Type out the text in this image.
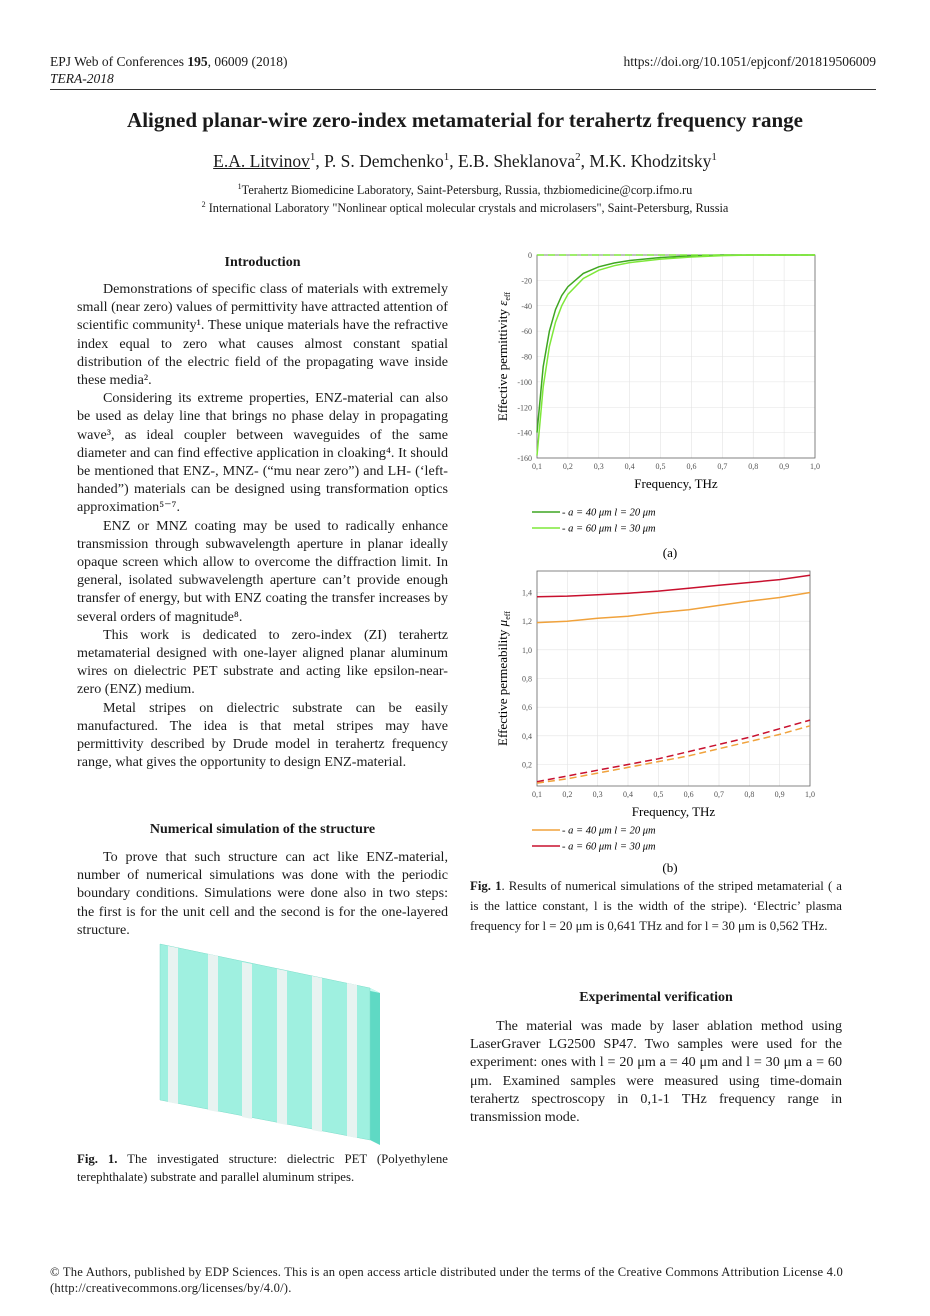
EPJ Web of Conferences 195, 06009 (2018)	https://doi.org/10.1051/epjconf/201819506009
TERA-2018
Aligned planar-wire zero-index metamaterial for terahertz frequency range
E.A. Litvinov$^1$, P. S. Demchenko$^1$, E.B. Sheklanova$^2$, M.K. Khodzitsky$^1$
$^1$Terahertz Biomedicine Laboratory, Saint-Petersburg, Russia, thzbiomedicine@corp.ifmo.ru
$^2$ International Laboratory "Nonlinear optical molecular crystals and microlasers", Saint-Petersburg, Russia
Introduction

Demonstrations of specific class of materials with extremely small (near zero) values of permittivity have attracted attention of scientific community¹. These unique materials have the refractive index equal to zero what causes almost constant spatial distribution of the electric field of the propagating wave inside these media².

Considering its extreme properties, ENZ-material can also be used as delay line that brings no phase delay in propagating wave³, as ideal coupler between waveguides of the same diameter and can find effective application in cloaking⁴. It should be mentioned that ENZ-, MNZ- (“mu near zero”) and LH- (‘left-handed”) materials can be designed using transformation optics approximation⁵⁻⁷.

ENZ or MNZ coating may be used to radically enhance transmission through subwavelength aperture in planar ideally opaque screen which allow to overcome the diffraction limit. In general, isolated subwavelength aperture can’t provide enough transfer of energy, but with ENZ coating the transfer increases by several orders of magnitude⁸.

This work is dedicated to zero-index (ZI) terahertz metamaterial designed with one-layer aligned planar aluminum wires on dielectric PET substrate and acting like epsilon-near-zero (ENZ) medium.

Metal stripes on dielectric substrate can be easily manufactured. The idea is that metal stripes may have permittivity described by Drude model in terahertz frequency range, what gives the opportunity to design ENZ-material.

Numerical simulation of the structure

To prove that such structure can act like ENZ-material, number of numerical simulations was done with the periodic boundary conditions. Simulations were done also in two steps: the first is for the unit cell and the second is for the one-layered structure.

Fig. 1. The investigated structure: dielectric PET (Polyethylene terephthalate) substrate and parallel aluminum stripes.
0,1	0,2	0,3	0,4	0,5	0,6	0,7	0,8	0,9	1,0
0
-20
-40
-60
-80
-100
-120
-140
-160
Frequency, THz
Effective permittivity $\varepsilon_{eff}$
- a = 40 μm l = 20 μm
- a = 60 μm l = 30 μm
(a)
0,1	0,2	0,3	0,4	0,5	0,6	0,7	0,8	0,9	1,0
1,4
1,2
1,0
0,8
0,6
0,4
0,2
Frequency, THz
Effective permeability $\mu_{eff}$
- a = 40 μm l = 20 μm
- a = 60 μm l = 30 μm
(b)
Fig. 1. Results of numerical simulations of the striped metamaterial ( a is the lattice constant, l is the width of the stripe). ‘Electric’ plasma frequency for l = 20 μm is 0,641 THz and for l = 30 μm is 0,562 THz.
Experimental verification

The material was made by laser ablation method using LaserGraver LG2500 SP47. Two samples were used for the experiment: ones with l = 20 μm a = 40 μm and l = 30 μm a = 60 μm. Examined samples were measured using time-domain terahertz spectroscopy in 0,1-1 THz frequency range in transmission mode.

© The Authors, published by EDP Sciences. This is an open access article distributed under the terms of the Creative Commons Attribution License 4.0 (http://creativecommons.org/licenses/by/4.0/).
